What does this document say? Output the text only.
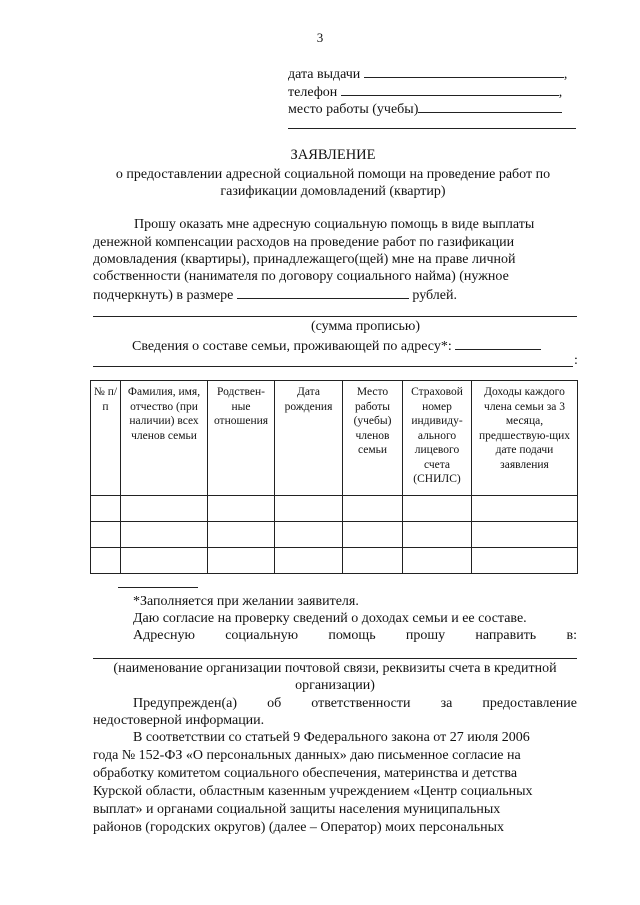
3
дата выдачи	,
телефон	,
место работы (учебы)
ЗАЯВЛЕНИЕ
о предоставлении адресной социальной помощи на проведение работ по
газификации домовладений (квартир)
Прошу оказать мне адресную социальную помощь в виде выплаты
денежной компенсации расходов на проведение работ по газификации
домовладения (квартиры), принадлежащего(щей) мне на праве личной
собственности (нанимателя по договору социального найма) (нужное
подчеркнуть) в размере	рублей.
(сумма прописью)
Сведения о составе семьи, проживающей по адресу*:
:
№ п/п	Фамилия, имя, отчество (при наличии) всех членов семьи	Родствен-ные отношения	Дата рождения	Место работы (учебы) членов семьи	Страховой номер индивиду-ального лицевого счета (СНИЛС)	Доходы каждого члена семьи за 3 месяца, предшествую-щих дате подачи заявления

*Заполняется при желании заявителя.
Даю согласие на проверку сведений о доходах семьи и ее составе.
Адресную социальную помощь прошу направить в:
(наименование организации почтовой связи, реквизиты счета в кредитной
организации)
Предупрежден(а) об ответственности за предоставление
недостоверной информации.
В соответствии со статьей 9 Федерального закона от 27 июля 2006
года № 152-ФЗ «О персональных данных» даю письменное согласие на
обработку комитетом социального обеспечения, материнства и детства
Курской области, областным казенным учреждением «Центр социальных
выплат» и органами социальной защиты населения муниципальных
районов (городских округов) (далее – Оператор) моих персональных
